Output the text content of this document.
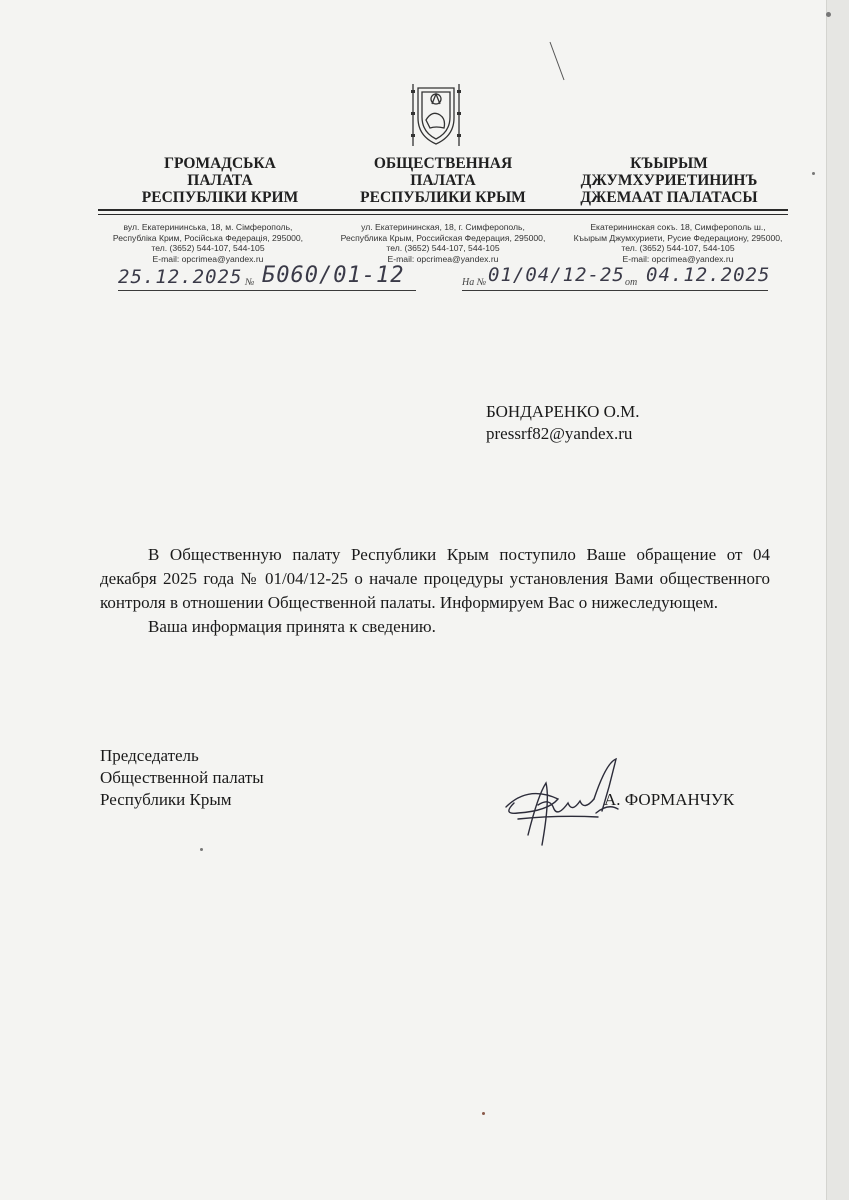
ГРОМАДСЬКА
ПАЛАТА
РЕСПУБЛІКИ КРИМ
ОБЩЕСТВЕННАЯ
ПАЛАТА
РЕСПУБЛИКИ КРЫМ
КЪЫРЫМ
ДЖУМХУРИЕТИНИНЪ
ДЖЕМААТ ПАЛАТАСЫ
вул. Екатерининська, 18, м. Сімферополь,
Республіка Крим, Російська Федерація, 295000,
тел. (3652) 544-107, 544-105
E-mail: opcrimea@yandex.ru
ул. Екатерининская, 18, г. Симферополь,
Республика Крым, Российская Федерация, 295000,
тел. (3652) 544-107, 544-105
E-mail: opcrimea@yandex.ru
Екатерининская сокъ. 18, Симферополь ш.,
Къырым Джумхуриети, Русие Федерациону, 295000,
тел. (3652) 544-107, 544-105
E-mail: opcrimea@yandex.ru
25.12.2025 № Б060/01-12	На № 01/04/12-25 от 04.12.2025
БОНДАРЕНКО О.М.
pressrf82@yandex.ru

В Общественную палату Республики Крым поступило Ваше обращение от 04 декабря 2025 года № 01/04/12-25 о начале процедуры установления Вами общественного контроля в отношении Общественной палаты. Информируем Вас о нижеследующем.

Ваша информация принята к сведению.

Председатель
Общественной палаты
Республики Крым	А. ФОРМАНЧУК
